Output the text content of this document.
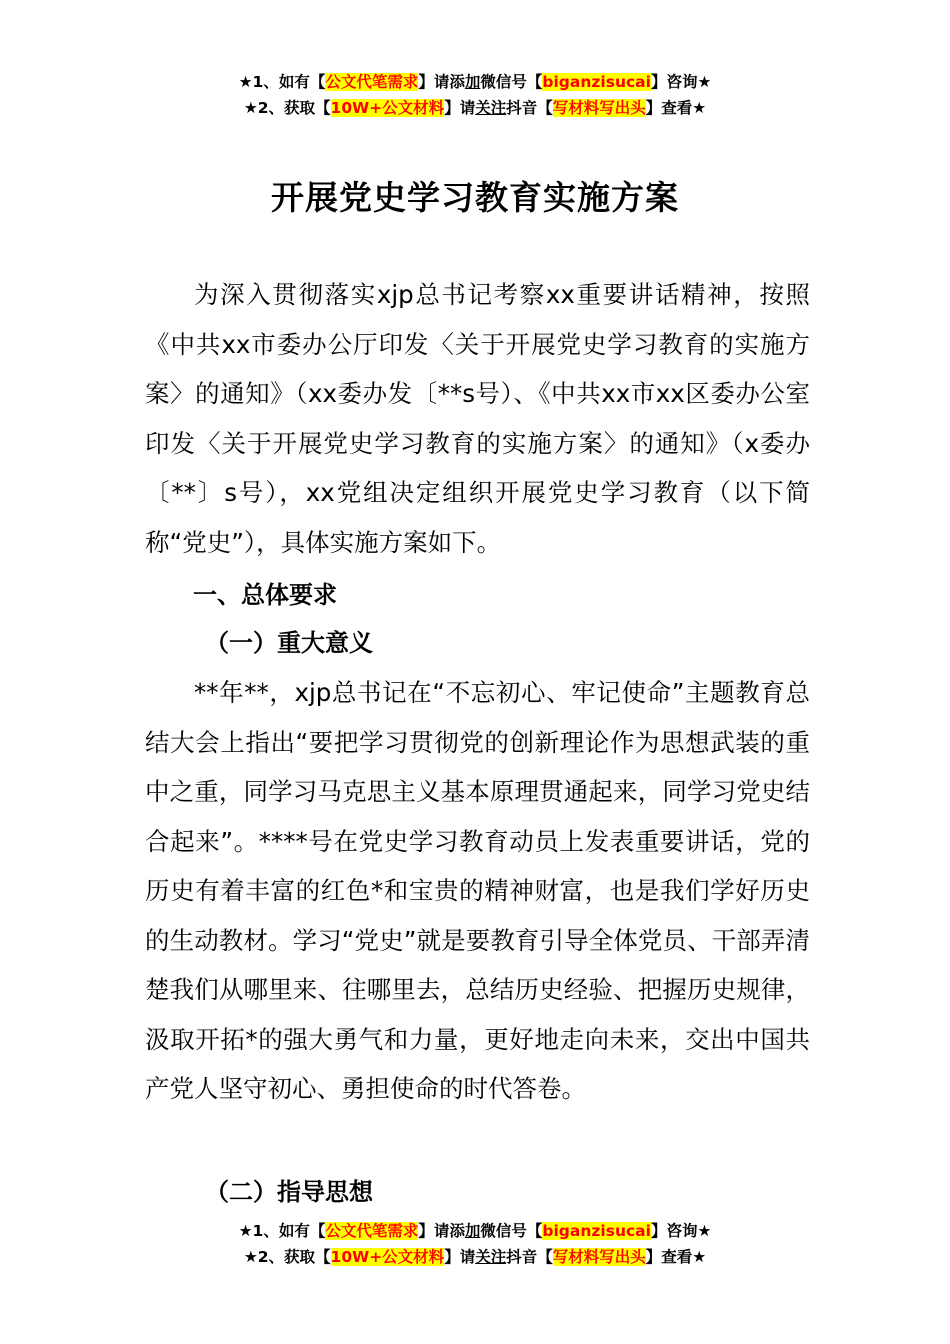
★1、如有【公文代笔需求】请添加微信号【biganzisucai】咨询★
★2、获取【10W+公文材料】请关注抖音【写材料写出头】查看★
开展党史学习教育实施方案

为深入贯彻落实xjp总书记考察xx重要讲话精神，按照《中共xx市委办公厅印发〈关于开展党史学习教育的实施方案〉的通知》（xx委办发〔**s号）、《中共xx市xx区委办公室印发〈关于开展党史学习教育的实施方案〉的通知》（x委办〔**〕s号），xx党组决定组织开展党史学习教育（以下简称“党史”），具体实施方案如下。

一、总体要求
（一）重大意义

**年**，xjp总书记在“不忘初心、牢记使命”主题教育总结大会上指出“要把学习贯彻党的创新理论作为思想武装的重中之重，同学习马克思主义基本原理贯通起来，同学习党史结合起来”。****号在党史学习教育动员上发表重要讲话，党的历史有着丰富的红色*和宝贵的精神财富，也是我们学好历史的生动教材。学习“党史”就是要教育引导全体党员、干部弄清楚我们从哪里来、往哪里去，总结历史经验、把握历史规律，汲取开拓*的强大勇气和力量，更好地走向未来，交出中国共产党人坚守初心、勇担使命的时代答卷。

（二）指导思想
★1、如有【公文代笔需求】请添加微信号【biganzisucai】咨询★
★2、获取【10W+公文材料】请关注抖音【写材料写出头】查看★
